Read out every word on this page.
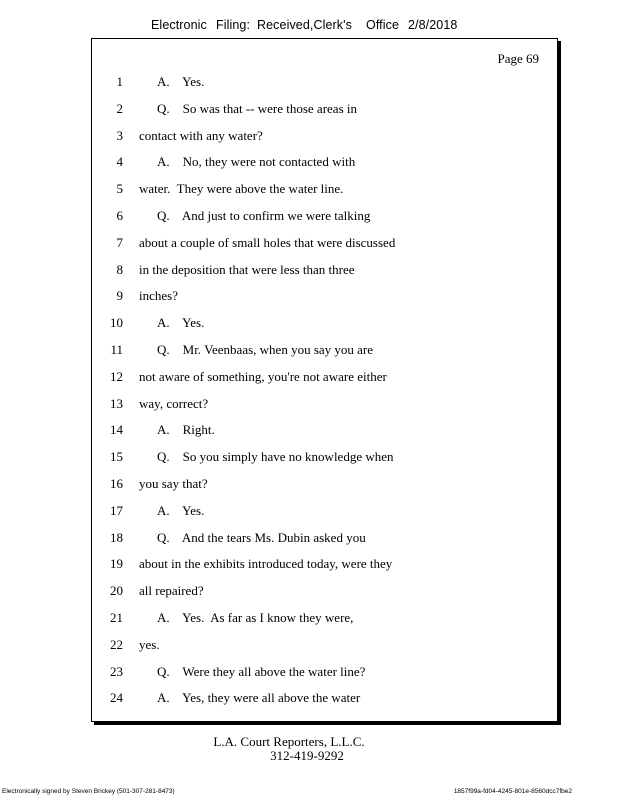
Electronic Filing: Received,Clerk's Office 2/8/2018
Page 69
1	A.    Yes.
2	Q.    So was that -- were those areas in
3 contact with any water?
4	A.    No, they were not contacted with
5 water.  They were above the water line.
6	Q.    And just to confirm we were talking
7 about a couple of small holes that were discussed
8 in the deposition that were less than three
9 inches?
10	A.    Yes.
11	Q.    Mr. Veenbaas, when you say you are
12 not aware of something, you're not aware either
13 way, correct?
14	A.    Right.
15	Q.    So you simply have no knowledge when
16 you say that?
17	A.    Yes.
18	Q.    And the tears Ms. Dubin asked you
19 about in the exhibits introduced today, were they
20 all repaired?
21	A.    Yes.  As far as I know they were,
22 yes.
23	Q.    Were they all above the water line?
24	A.    Yes, they were all above the water
L.A. Court Reporters, L.L.C.
312-419-9292
Electronically signed by Steven Brickey (501-307-281-8473)	1857f99a-fd04-4245-801e-8560dcc7fbe2
